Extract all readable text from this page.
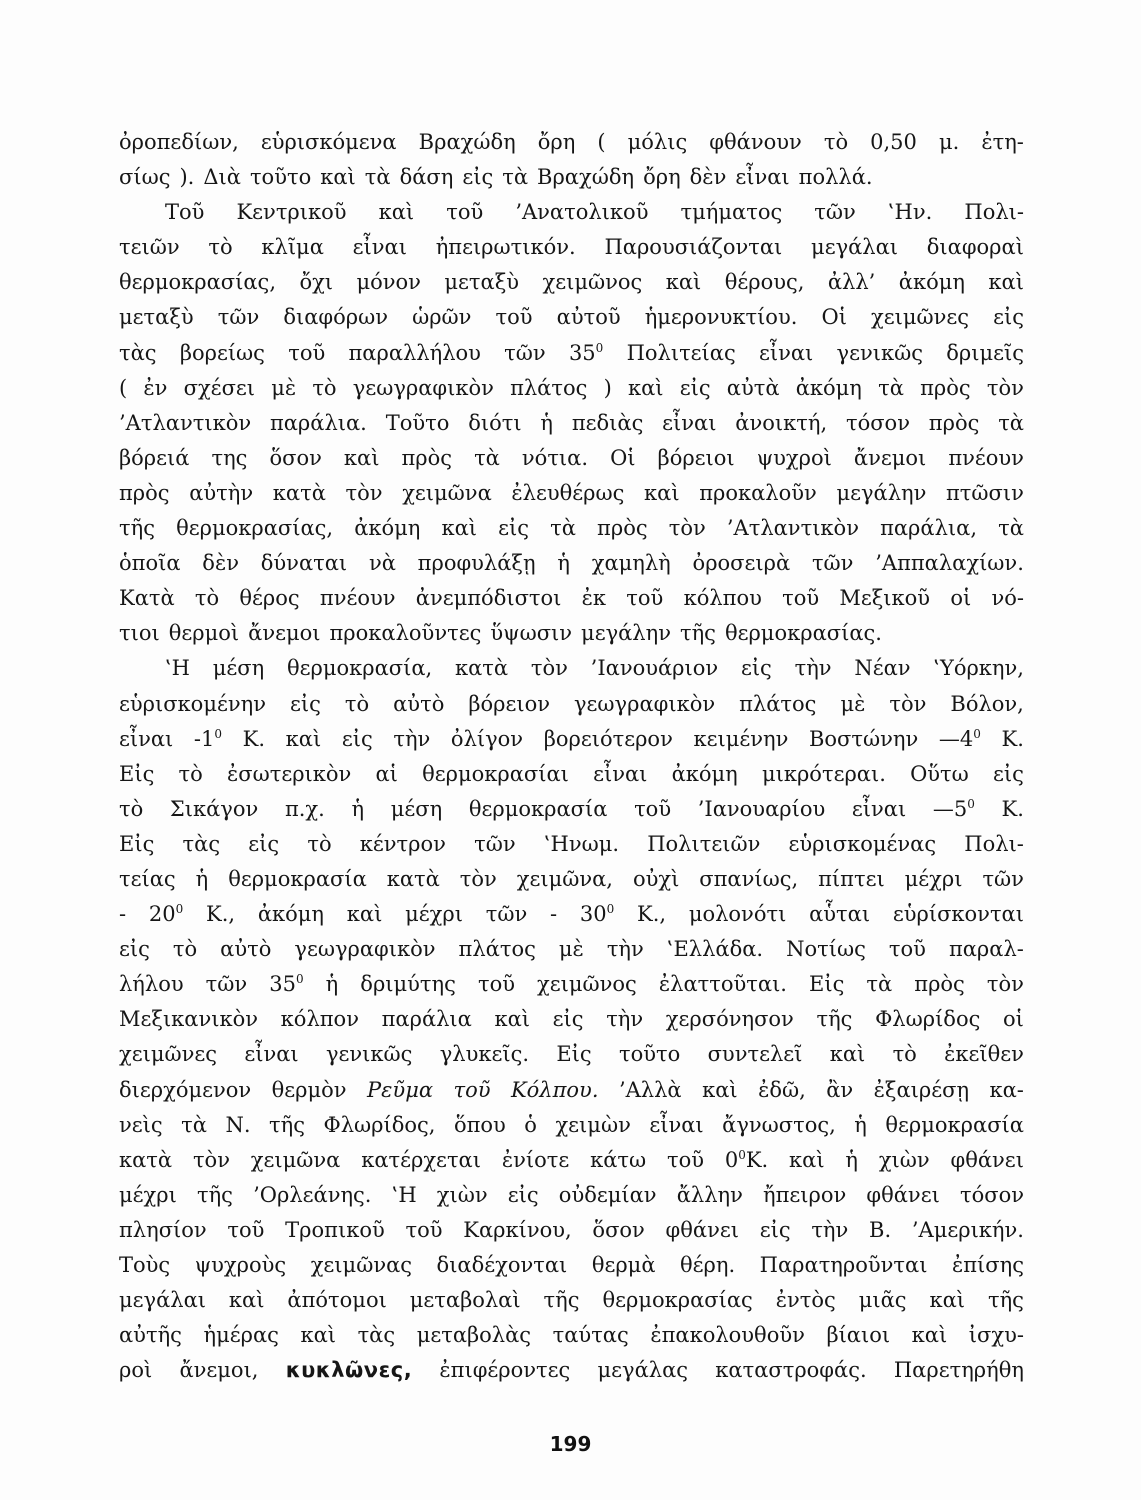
ὀροπεδίων, εὑρισκόμενα Βραχώδη ὄρη ( μόλις φθάνουν τὸ 0,50 μ. ἐτη-
σίως ). Διὰ τοῦτο καὶ τὰ δάση εἰς τὰ Βραχώδη ὄρη δὲν εἶναι πολλά.
Τοῦ Κεντρικοῦ καὶ τοῦ ’Ανατολικοῦ τμήματος τῶν ‛Ην. Πολι-
τειῶν τὸ κλῖμα εἶναι ἠπειρωτικόν. Παρουσιάζονται μεγάλαι διαφοραὶ
θερμοκρασίας, ὄχι μόνον μεταξὺ χειμῶνος καὶ θέρους, ἀλλ’ ἀκόμη καὶ
μεταξὺ τῶν διαφόρων ὡρῶν τοῦ αὐτοῦ ἡμερονυκτίου. Οἱ χειμῶνες εἰς
τὰς βορείως τοῦ παραλλήλου τῶν $35^0$ Πολιτείας εἶναι γενικῶς δριμεῖς
( ἐν σχέσει μὲ τὸ γεωγραφικὸν πλάτος ) καὶ εἰς αὐτὰ ἀκόμη τὰ πρὸς τὸν
’Ατλαντικὸν παράλια. Τοῦτο διότι ἡ πεδιὰς εἶναι ἀνοικτή, τόσον πρὸς τὰ
βόρειά της ὅσον καὶ πρὸς τὰ νότια. Οἱ βόρειοι ψυχροὶ ἄνεμοι πνέουν
πρὸς αὐτὴν κατὰ τὸν χειμῶνα ἐλευθέρως καὶ προκαλοῦν μεγάλην πτῶσιν
τῆς θερμοκρασίας, ἀκόμη καὶ εἰς τὰ πρὸς τὸν ’Ατλαντικὸν παράλια, τὰ
ὁποῖα δὲν δύναται νὰ προφυλάξῃ ἡ χαμηλὴ ὀροσειρὰ τῶν ’Αππαλαχίων.
Κατὰ τὸ θέρος πνέουν ἀνεμπόδιστοι ἐκ τοῦ κόλπου τοῦ Μεξικοῦ οἱ νό-
τιοι θερμοὶ ἄνεμοι προκαλοῦντες ὕψωσιν μεγάλην τῆς θερμοκρασίας.
‛Η μέση θερμοκρασία, κατὰ τὸν ’Ιανουάριον εἰς τὴν Νέαν ‛Υόρκην,
εὑρισκομένην εἰς τὸ αὐτὸ βόρειον γεωγραφικὸν πλάτος μὲ τὸν Βόλον,
εἶναι $-1^0$ Κ. καὶ εἰς τὴν ὀλίγον βορειότερον κειμένην Βοστώνην $—4^0$ Κ.
Εἰς τὸ ἐσωτερικὸν αἱ θερμοκρασίαι εἶναι ἀκόμη μικρότεραι. Οὕτω εἰς
τὸ Σικάγον π.χ. ἡ μέση θερμοκρασία τοῦ ’Ιανουαρίου εἶναι $—5^0$ Κ.
Εἰς τὰς εἰς τὸ κέντρον τῶν ‛Ηνωμ. Πολιτειῶν εὑρισκομένας Πολι-
τείας ἡ θερμοκρασία κατὰ τὸν χειμῶνα, οὐχὶ σπανίως, πίπτει μέχρι τῶν
- $20^0$ Κ., ἀκόμη καὶ μέχρι τῶν - $30^0$ Κ., μολονότι αὗται εὑρίσκονται
εἰς τὸ αὐτὸ γεωγραφικὸν πλάτος μὲ τὴν ‛Ελλάδα. Νοτίως τοῦ παραλ-
λήλου τῶν $35^0$ ἡ δριμύτης τοῦ χειμῶνος ἐλαττοῦται. Εἰς τὰ πρὸς τὸν
Μεξικανικὸν κόλπον παράλια καὶ εἰς τὴν χερσόνησον τῆς Φλωρίδος οἱ
χειμῶνες εἶναι γενικῶς γλυκεῖς. Εἰς τοῦτο συντελεῖ καὶ τὸ ἐκεῖθεν
διερχόμενον θερμὸν Ρεῦμα τοῦ Κόλπου. ’Αλλὰ καὶ ἐδῶ, ἂν ἐξαιρέσῃ κα-
νεὶς τὰ Ν. τῆς Φλωρίδος, ὅπου ὁ χειμὼν εἶναι ἄγνωστος, ἡ θερμοκρασία
κατὰ τὸν χειμῶνα κατέρχεται ἐνίοτε κάτω τοῦ $0^0K$. καὶ ἡ χιὼν φθάνει
μέχρι τῆς ’Ορλεάνης. ‛Η χιὼν εἰς οὐδεμίαν ἄλλην ἤπειρον φθάνει τόσον
πλησίον τοῦ Τροπικοῦ τοῦ Καρκίνου, ὅσον φθάνει εἰς τὴν Β. ’Αμερικήν.
Τοὺς ψυχροὺς χειμῶνας διαδέχονται θερμὰ θέρη. Παρατηροῦνται ἐπίσης
μεγάλαι καὶ ἀπότομοι μεταβολαὶ τῆς θερμοκρασίας ἐντὸς μιᾶς καὶ τῆς
αὐτῆς ἡμέρας καὶ τὰς μεταβολὰς ταύτας ἐπακολουθοῦν βίαιοι καὶ ἰσχυ-
ροὶ ἄνεμοι, κυκλῶνες, ἐπιφέροντες μεγάλας καταστροφάς. Παρετηρήθη
199
